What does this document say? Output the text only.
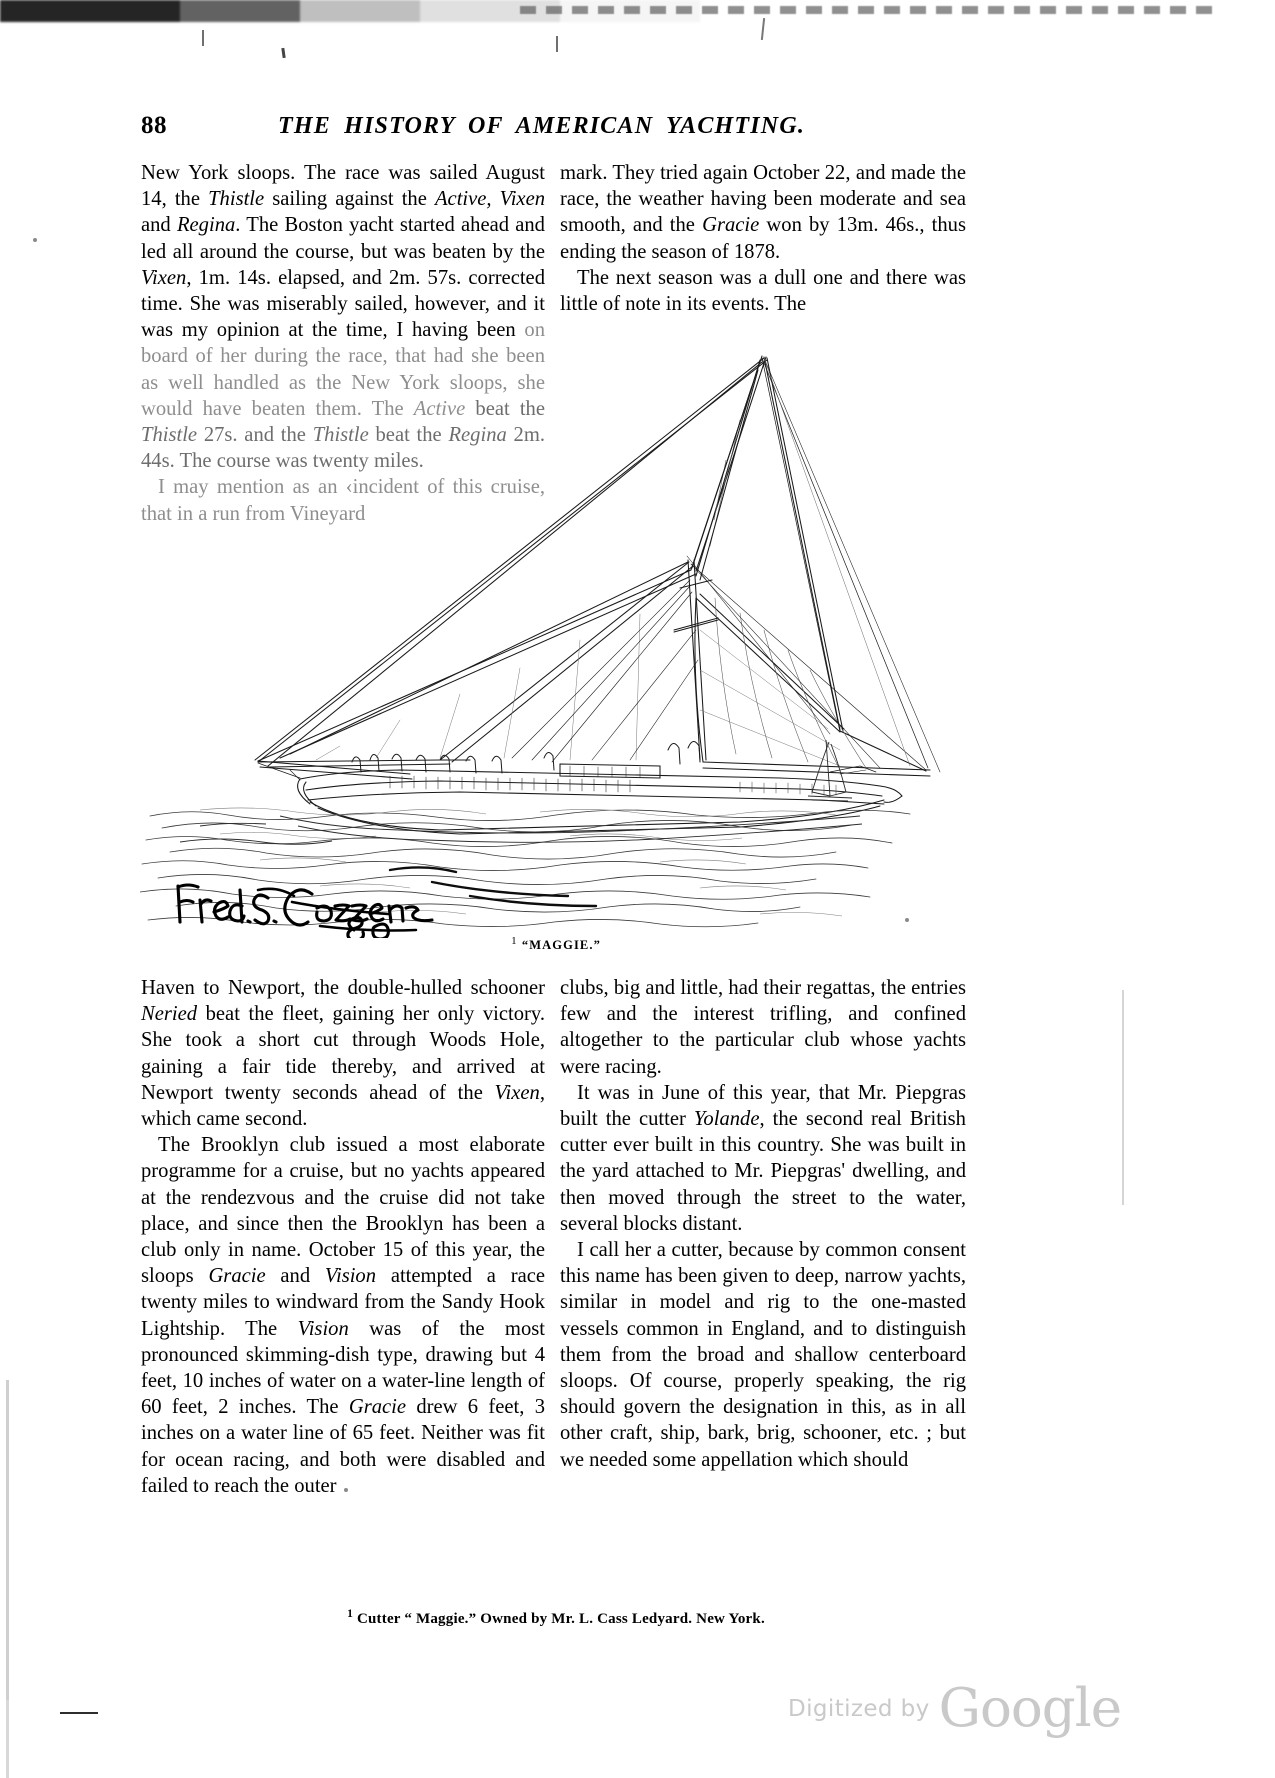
88	THE HISTORY OF AMERICAN YACHTING.

New York sloops. The race was sailed August 14, the Thistle sailing against the Active, Vixen and Regina. The Boston yacht started ahead and led all around the course, but was beaten by the Vixen, 1m. 14s. elapsed, and 2m. 57s. corrected time. She was miserably sailed, however, and it was my opinion at the time, I having been on board of her during the race, that had she been as well handled as the New York sloops, she would have beaten them. The Active beat the Thistle 27s. and the Thistle beat the Regina 2m. 44s. The course was twenty miles.

I may mention as an ‹incident of this cruise, that in a run from Vineyard

mark. They tried again October 22, and made the race, the weather having been moderate and sea smooth, and the Gracie won by 13m. 46s., thus ending the season of 1878.

The next season was a dull one and there was little of note in its events. The

1 “MAGGIE.”

Haven to Newport, the double-hulled schooner Neried beat the fleet, gaining her only victory. She took a short cut through Woods Hole, gaining a fair tide thereby, and arrived at Newport twenty seconds ahead of the Vixen, which came second.

The Brooklyn club issued a most elaborate programme for a cruise, but no yachts appeared at the rendezvous and the cruise did not take place, and since then the Brooklyn has been a club only in name. October 15 of this year, the sloops Gracie and Vision attempted a race twenty miles to windward from the Sandy Hook Lightship. The Vision was of the most pronounced skimming-dish type, drawing but 4 feet, 10 inches of water on a water-line length of 60 feet, 2 inches. The Gracie drew 6 feet, 3 inches on a water line of 65 feet. Neither was fit for ocean racing, and both were disabled and failed to reach the outer

clubs, big and little, had their regattas, the entries few and the interest trifling, and confined altogether to the particular club whose yachts were racing.

It was in June of this year, that Mr. Piepgras built the cutter Yolande, the second real British cutter ever built in this country. She was built in the yard attached to Mr. Piepgras' dwelling, and then moved through the street to the water, several blocks distant.

I call her a cutter, because by common consent this name has been given to deep, narrow yachts, similar in model and rig to the one-masted vessels common in England, and to distinguish them from the broad and shallow centerboard sloops. Of course, properly speaking, the rig should govern the designation in this, as in all other craft, ship, bark, brig, schooner, etc. ; but we needed some appellation which should

$^1$ Cutter “ Maggie.” Owned by Mr. L. Cass Ledyard. New York.
Digitized by Google
